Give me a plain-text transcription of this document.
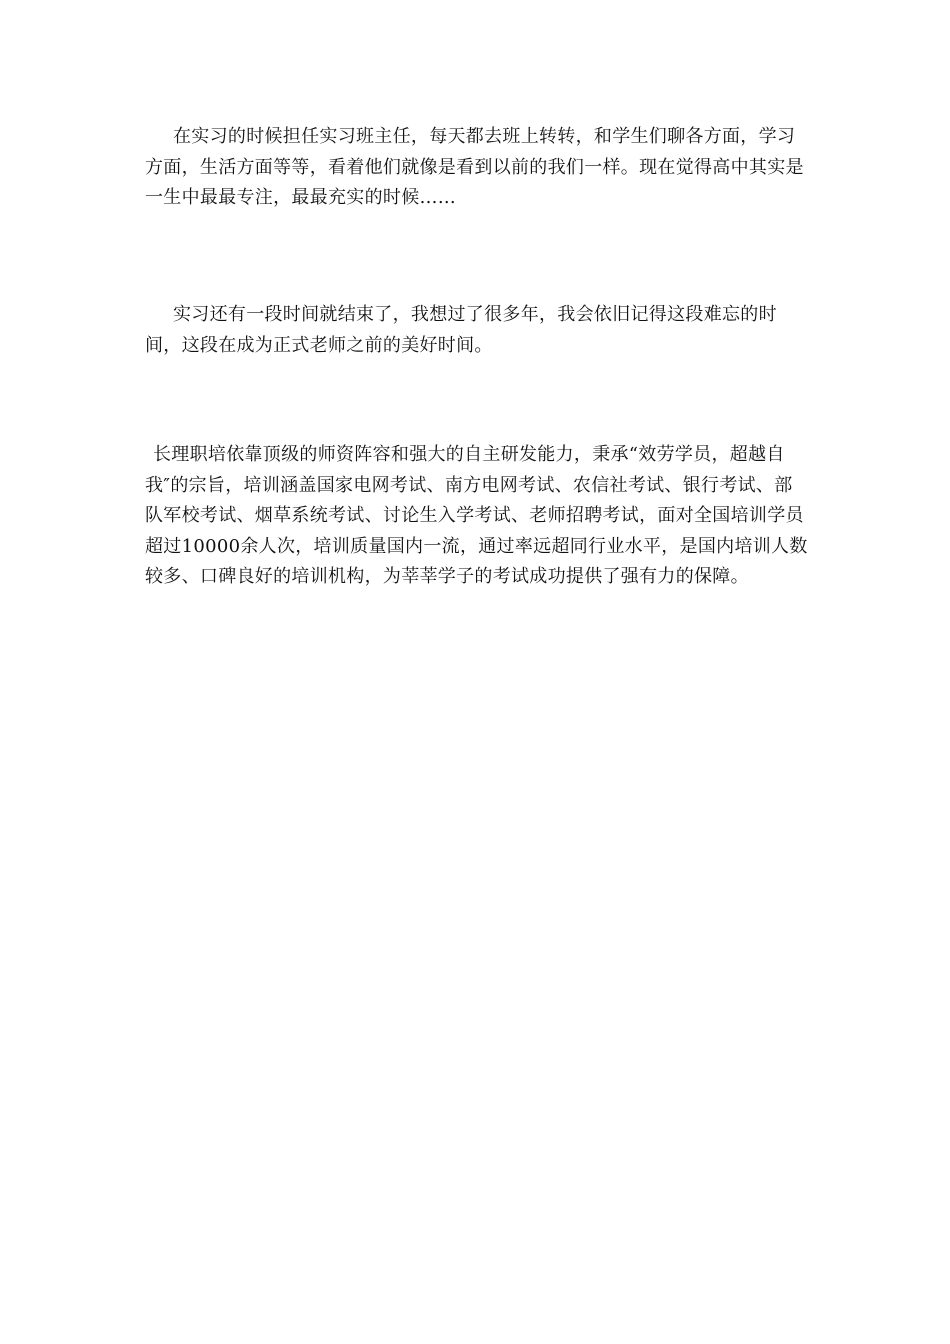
在实习的时候担任实习班主任，每天都去班上转转，和学生们聊各方面，学习方面，生活方面等等，看着他们就像是看到以前的我们一样。现在觉得高中其实是一生中最最专注，最最充实的时候……

实习还有一段时间就结束了，我想过了很多年，我会依旧记得这段难忘的时间，这段在成为正式老师之前的美好时间。

长理职培依靠顶级的师资阵容和强大的自主研发能力，秉承“效劳学员，超越自我″的宗旨，培训涵盖国家电网考试、南方电网考试、农信社考试、银行考试、部队军校考试、烟草系统考试、讨论生入学考试、老师招聘考试，面对全国培训学员超过10000余人次，培训质量国内一流，通过率远超同行业水平，是国内培训人数较多、口碑良好的培训机构，为莘莘学子的考试成功提供了强有力的保障。
